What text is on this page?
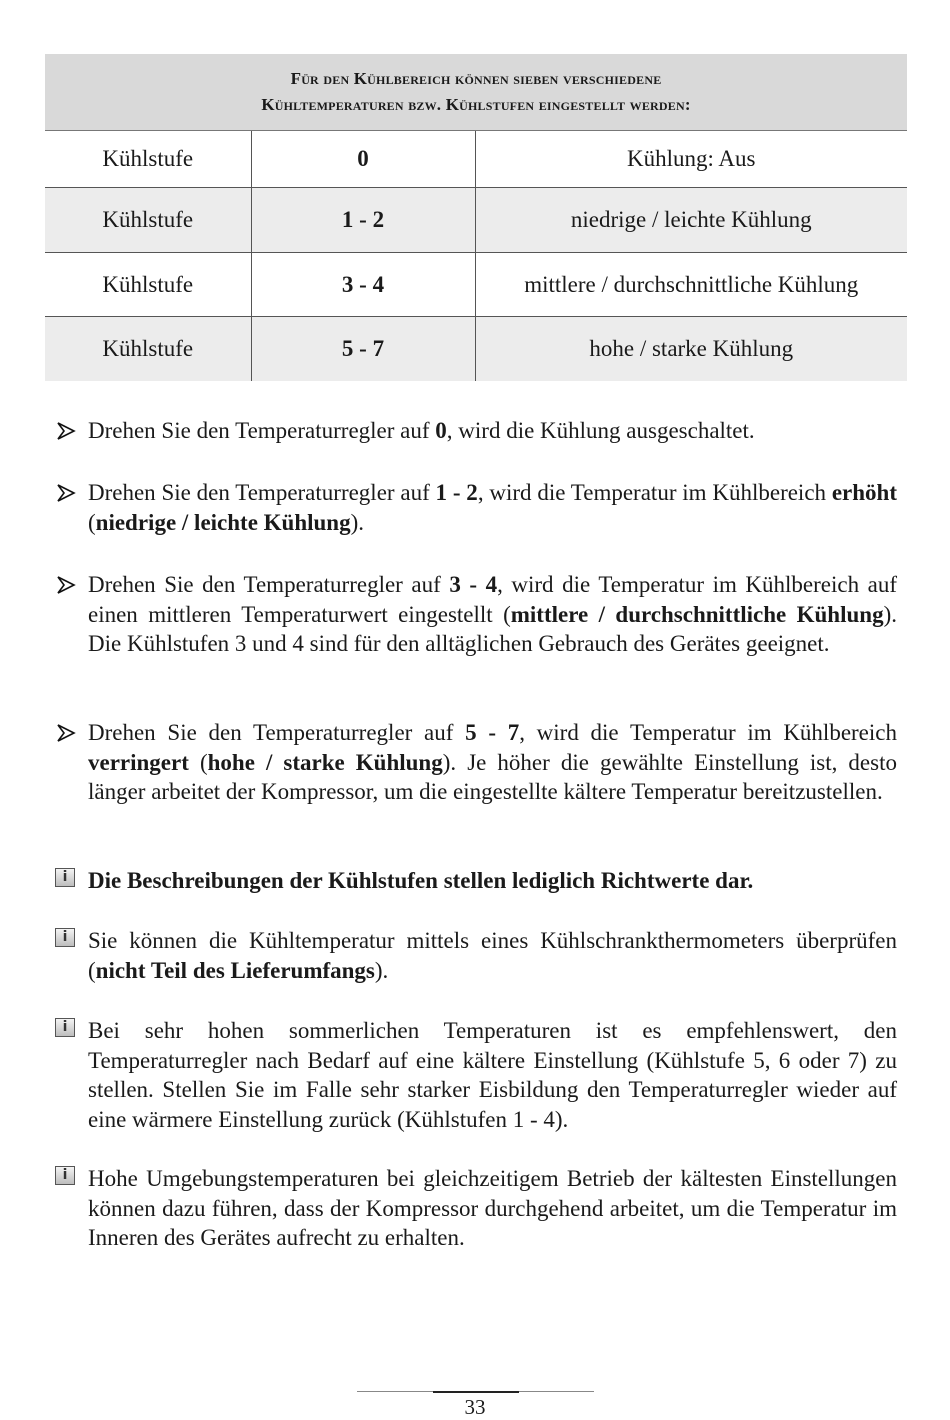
Für den Kühlbereich können sieben verschiedene
Kühltemperaturen bzw. Kühlstufen eingestellt werden:		

Kühlstufe	0	Kühlung: Aus
Kühlstufe	1 - 2	niedrige / leichte Kühlung
Kühlstufe	3 - 4	mittlere / durchschnittliche Kühlung
Kühlstufe	5 - 7	hohe / starke Kühlung
Drehen Sie den Temperaturregler auf 0, wird die Kühlung ausgeschaltet.
Drehen Sie den Temperaturregler auf 1 - 2, wird die Temperatur im Kühlbereich erhöht (niedrige / leichte Kühlung).
Drehen Sie den Temperaturregler auf 3 - 4, wird die Temperatur im Kühlbereich auf einen mittleren Temperaturwert eingestellt (mittlere / durchschnittliche Kühlung). Die Kühlstufen 3 und 4 sind für den alltäglichen Gebrauch des Gerätes geeignet.
Drehen Sie den Temperaturregler auf 5 - 7, wird die Temperatur im Kühlbereich verringert (hohe / starke Kühlung). Je höher die gewählte Einstellung ist, desto länger arbeitet der Kompressor, um die eingestellte kältere Temperatur bereitzustellen.
i Die Beschreibungen der Kühlstufen stellen lediglich Richtwerte dar.
i Sie können die Kühltemperatur mittels eines Kühlschrankthermometers überprüfen (nicht Teil des Lieferumfangs).
i Bei sehr hohen sommerlichen Temperaturen ist es empfehlenswert, den Temperaturregler nach Bedarf auf eine kältere Einstellung (Kühlstufe 5, 6 oder 7) zu stellen. Stellen Sie im Falle sehr starker Eisbildung den Temperaturregler wieder auf eine wärmere Einstellung zurück (Kühlstufen 1 - 4).
i Hohe Umgebungstemperaturen bei gleichzeitigem Betrieb der kältesten Einstellungen können dazu führen, dass der Kompressor durchgehend arbeitet, um die Temperatur im Inneren des Gerätes aufrecht zu erhalten.
33
